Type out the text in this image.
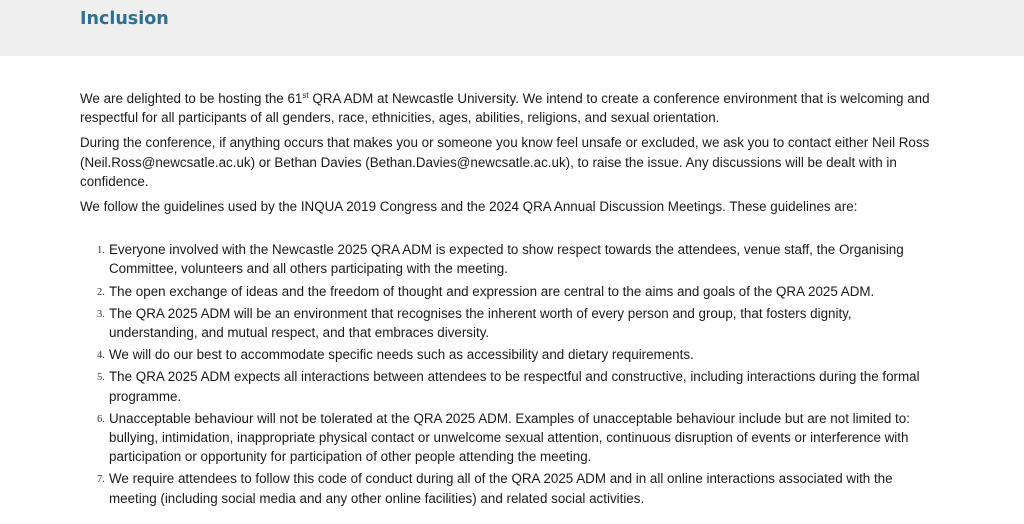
Inclusion

We are delighted to be hosting the 61st QRA ADM at Newcastle University. We intend to create a conference environment that is welcoming and respectful for all participants of all genders, race, ethnicities, ages, abilities, religions, and sexual orientation.

During the conference, if anything occurs that makes you or someone you know feel unsafe or excluded, we ask you to contact either Neil Ross (Neil.Ross@newcsatle.ac.uk) or Bethan Davies (Bethan.Davies@newcsatle.ac.uk), to raise the issue. Any discussions will be dealt with in confidence.

We follow the guidelines used by the INQUA 2019 Congress and the 2024 QRA Annual Discussion Meetings. These guidelines are:

1. Everyone involved with the Newcastle 2025 QRA ADM is expected to show respect towards the attendees, venue staff, the Organising Committee, volunteers and all others participating with the meeting.
2. The open exchange of ideas and the freedom of thought and expression are central to the aims and goals of the QRA 2025 ADM.
3. The QRA 2025 ADM will be an environment that recognises the inherent worth of every person and group, that fosters dignity, understanding, and mutual respect, and that embraces diversity.
4. We will do our best to accommodate specific needs such as accessibility and dietary requirements.
5. The QRA 2025 ADM expects all interactions between attendees to be respectful and constructive, including interactions during the formal programme.
6. Unacceptable behaviour will not be tolerated at the QRA 2025 ADM. Examples of unacceptable behaviour include but are not limited to: bullying, intimidation, inappropriate physical contact or unwelcome sexual attention, continuous disruption of events or interference with participation or opportunity for participation of other people attending the meeting.
7. We require attendees to follow this code of conduct during all of the QRA 2025 ADM and in all online interactions associated with the meeting (including social media and any other online facilities) and related social activities.
